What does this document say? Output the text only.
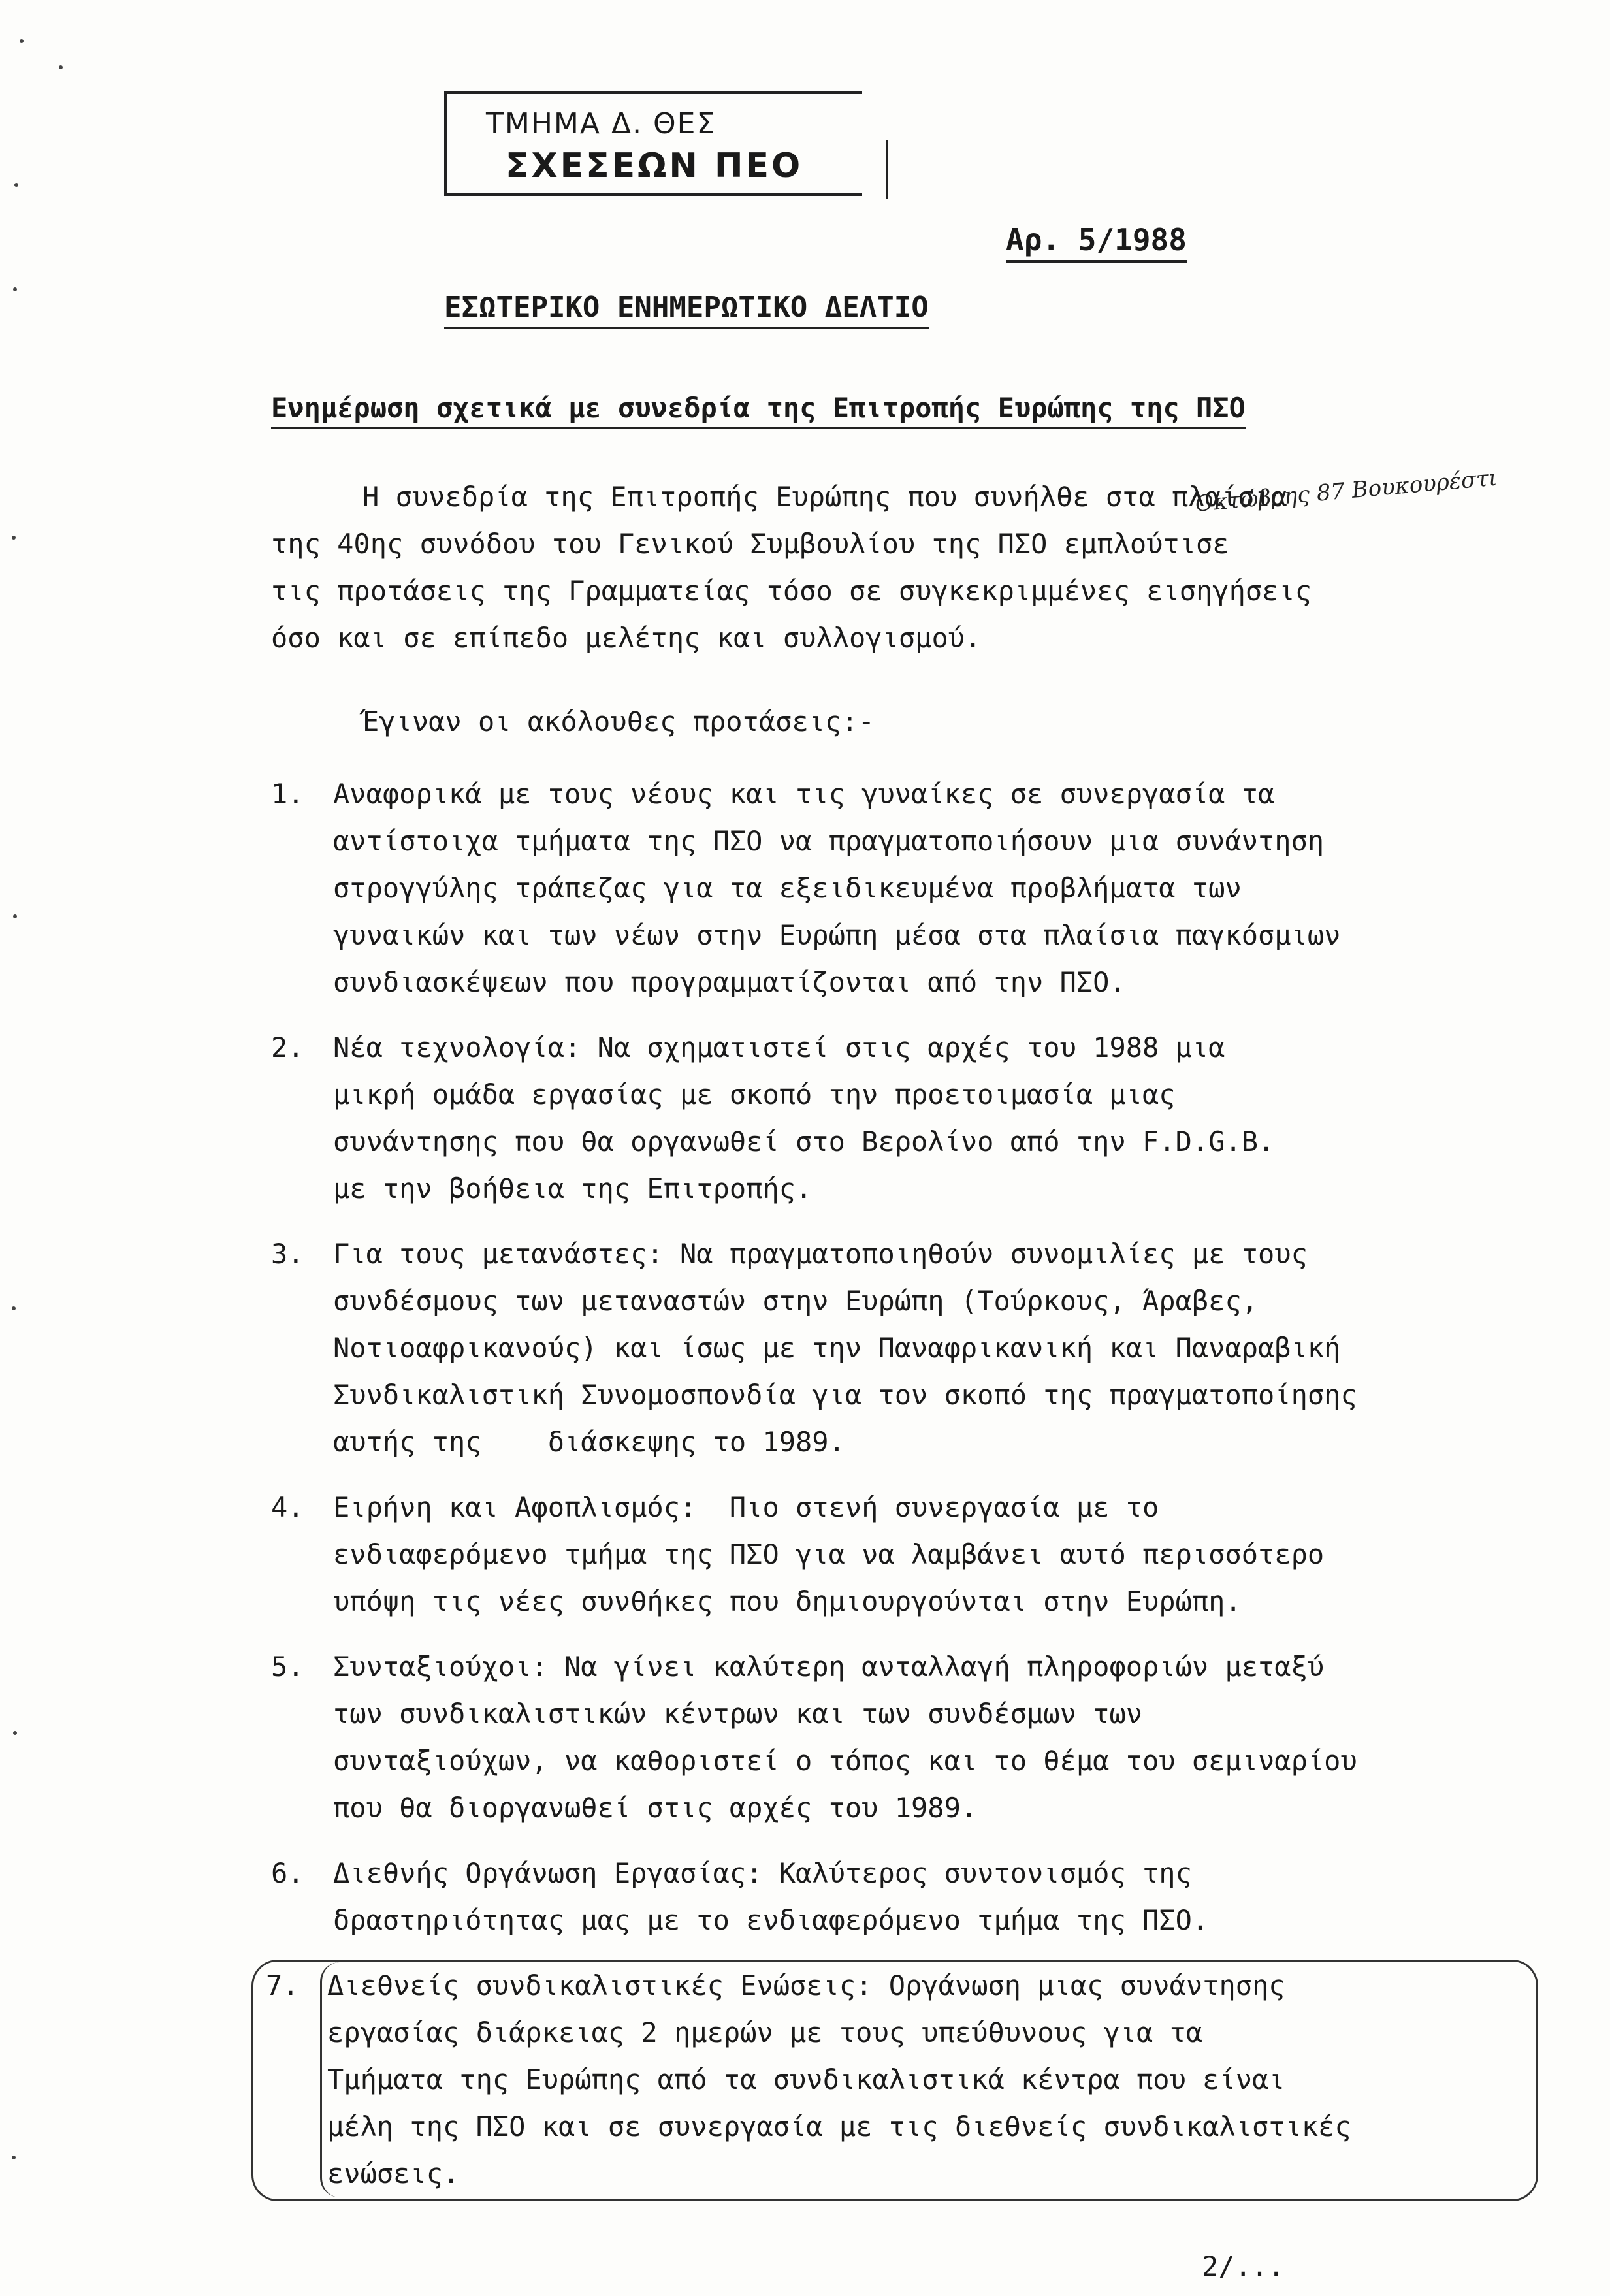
ΤΜΗΜΑ Δ. ΘΕΣ
ΣΧΕΣΕΩΝ ΠΕΟ
Αρ. 5/1988
ΕΣΩΤΕΡΙΚΟ ΕΝΗΜΕΡΩΤΙΚΟ ΔΕΛΤΙΟ
Ενημέρωση σχετικά με συνεδρία της Επιτροπής Ευρώπης της ΠΣΟ
Η συνεδρία της Επιτροπής Ευρώπης που συνήλθε στα πλαίσια
της 40ης συνόδου του Γενικού Συμβουλίου της ΠΣΟ εμπλούτισε
τις προτάσεις της Γραμματείας τόσο σε συγκεκριμμένες εισηγήσεις
όσο και σε επίπεδο μελέτης και συλλογισμού.
Οκτώβρης 87 Βουκουρέστι
Έγιναν οι ακόλουθες προτάσεις:-
1. Αναφορικά με τους νέους και τις γυναίκες σε συνεργασία τα
αντίστοιχα τμήματα της ΠΣΟ να πραγματοποιήσουν μια συνάντηση
στρογγύλης τράπεζας για τα εξειδικευμένα προβλήματα των
γυναικών και των νέων στην Ευρώπη μέσα στα πλαίσια παγκόσμιων
συνδιασκέψεων που προγραμματίζονται από την ΠΣΟ.
2. Νέα τεχνολογία: Να σχηματιστεί στις αρχές του 1988 μια
μικρή ομάδα εργασίας με σκοπό την προετοιμασία μιας
συνάντησης που θα οργανωθεί στο Βερολίνο από την F.D.G.B.
με την βοήθεια της Επιτροπής.
3. Για τους μετανάστες: Να πραγματοποιηθούν συνομιλίες με τους
συνδέσμους των μεταναστών στην Ευρώπη (Τούρκους, Άραβες,
Νοτιοαφρικανούς) και ίσως με την Παναφρικανική και Παναραβική
Συνδικαλιστική Συνομοσπονδία για τον σκοπό της πραγματοποίησης
αυτής της    διάσκεψης το 1989.
4. Ειρήνη και Αφοπλισμός:  Πιο στενή συνεργασία με το
ενδιαφερόμενο τμήμα της ΠΣΟ για να λαμβάνει αυτό περισσότερο
υπόψη τις νέες συνθήκες που δημιουργούνται στην Ευρώπη.
5. Συνταξιούχοι: Να γίνει καλύτερη ανταλλαγή πληροφοριών μεταξύ
των συνδικαλιστικών κέντρων και των συνδέσμων των
συνταξιούχων, να καθοριστεί ο τόπος και το θέμα του σεμιναρίου
που θα διοργανωθεί στις αρχές του 1989.
6. Διεθνής Οργάνωση Εργασίας: Καλύτερος συντονισμός της
δραστηριότητας μας με το ενδιαφερόμενο τμήμα της ΠΣΟ.
7. Διεθνείς συνδικαλιστικές Ενώσεις: Οργάνωση μιας συνάντησης
εργασίας διάρκειας 2 ημερών με τους υπεύθυνους για τα
Τμήματα της Ευρώπης από τα συνδικαλιστικά κέντρα που είναι
μέλη της ΠΣΟ και σε συνεργασία με τις διεθνείς συνδικαλιστικές
ενώσεις.
2/...
